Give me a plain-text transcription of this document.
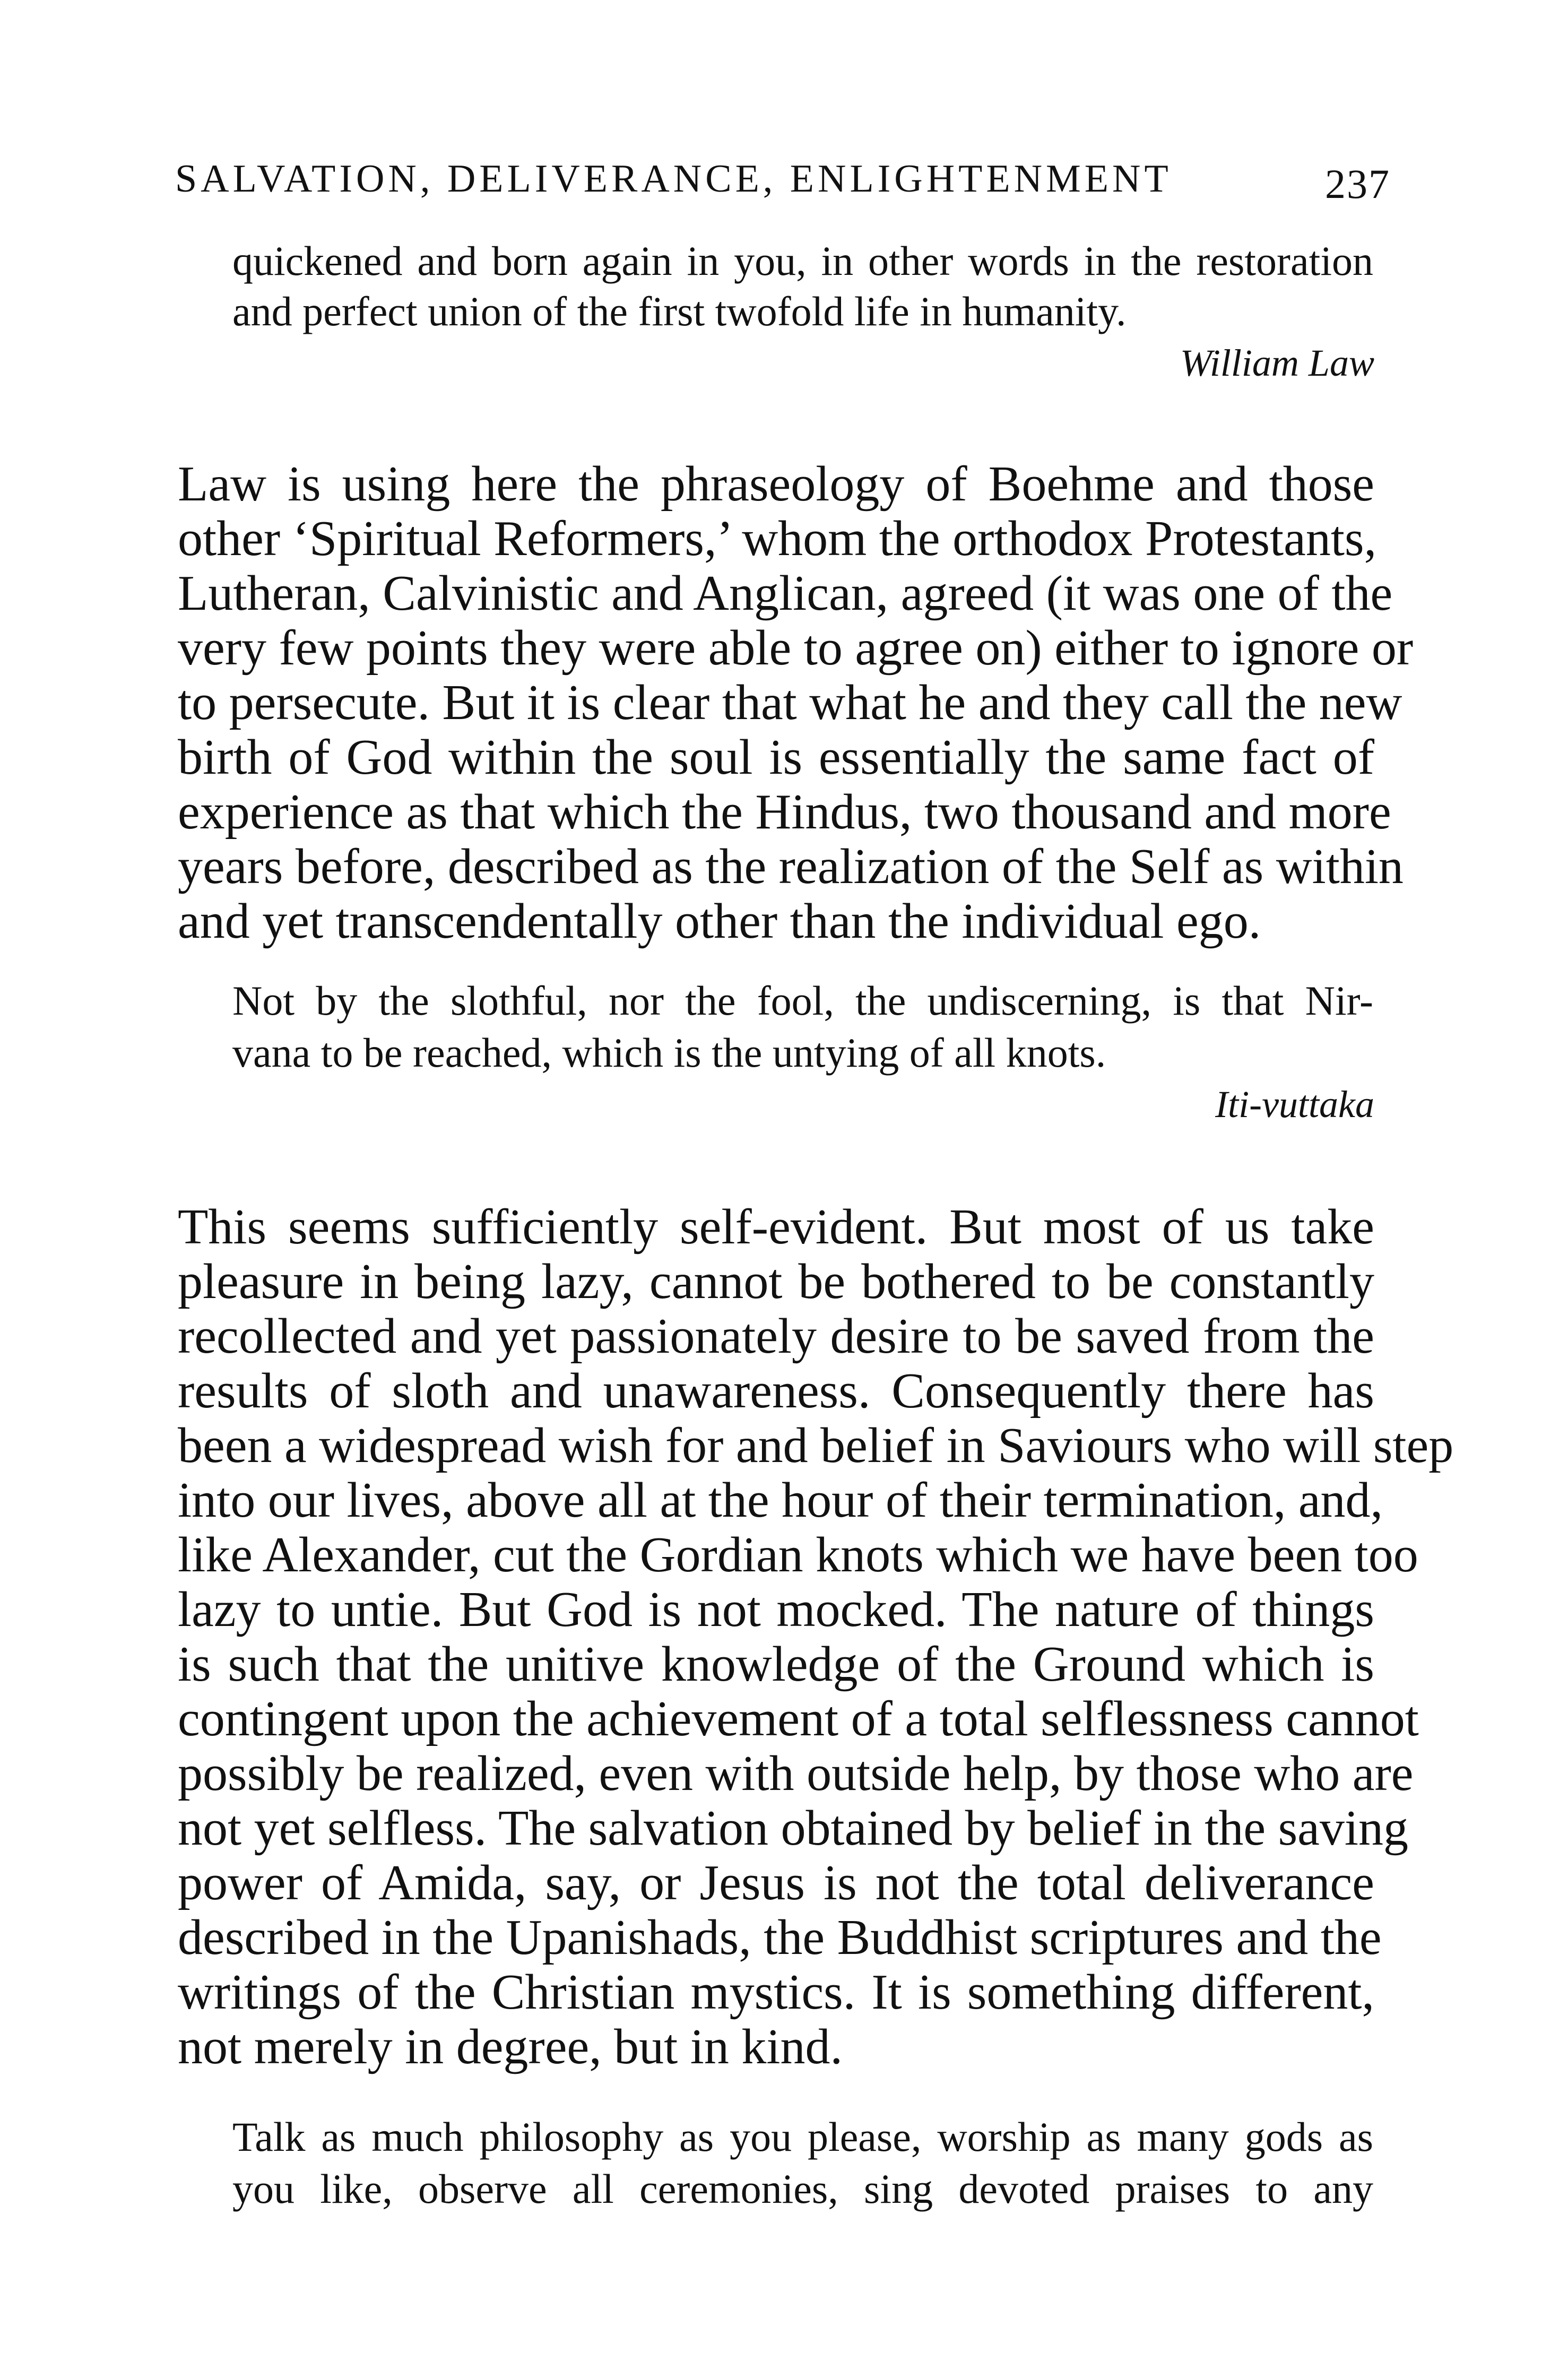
SALVATION, DELIVERANCE, ENLIGHTENMENT	237
quickened and born again in you, in other words in the restoration
and perfect union of the first twofold life in humanity.
William Law
Law is using here the phraseology of Boehme and those
other ‘Spiritual Reformers,’ whom the orthodox Protestants,
Lutheran, Calvinistic and Anglican, agreed (it was one of the
very few points they were able to agree on) either to ignore or
to persecute. But it is clear that what he and they call the new
birth of God within the soul is essentially the same fact of
experience as that which the Hindus, two thousand and more
years before, described as the realization of the Self as within
and yet transcendentally other than the individual ego.
Not by the slothful, nor the fool, the undiscerning, is that Nir-
vana to be reached, which is the untying of all knots.
Iti-vuttaka
This seems sufficiently self-evident. But most of us take
pleasure in being lazy, cannot be bothered to be constantly
recollected and yet passionately desire to be saved from the
results of sloth and unawareness. Consequently there has
been a widespread wish for and belief in Saviours who will step
into our lives, above all at the hour of their termination, and,
like Alexander, cut the Gordian knots which we have been too
lazy to untie. But God is not mocked. The nature of things
is such that the unitive knowledge of the Ground which is
contingent upon the achievement of a total selflessness cannot
possibly be realized, even with outside help, by those who are
not yet selfless. The salvation obtained by belief in the saving
power of Amida, say, or Jesus is not the total deliverance
described in the Upanishads, the Buddhist scriptures and the
writings of the Christian mystics. It is something different,
not merely in degree, but in kind.
Talk as much philosophy as you please, worship as many gods as
you like, observe all ceremonies, sing devoted praises to any
